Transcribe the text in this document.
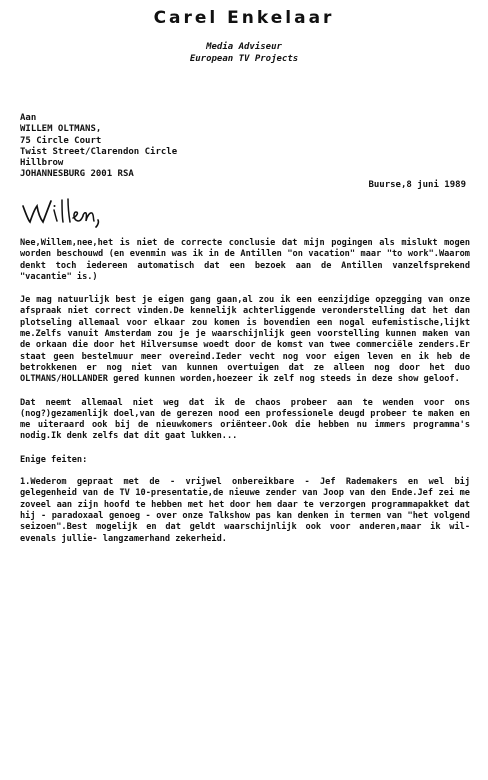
Carel Enkelaar
Media Adviseur
European TV Projects
Aan
WILLEM OLTMANS,
75 Circle Court
Twist Street/Clarendon Circle
Hillbrow
JOHANNESBURG 2001 RSA
Buurse,8 juni 1989

Nee,Willem,nee,het is niet de correcte conclusie dat mijn pogingen als mislukt mogen worden beschouwd (en evenmin was ik in de Antillen "on vacation" maar "to work".Waarom denkt toch iedereen automatisch dat een bezoek aan de Antillen vanzelfsprekend "vacantie" is.)

Je mag natuurlijk best je eigen gang gaan,al zou ik een eenzijdige opzegging van onze afspraak niet correct vinden.De kennelijk achterliggende veronderstelling dat het dan plotseling allemaal voor elkaar zou komen is bovendien een nogal eufemistische,lijkt me.Zelfs vanuit Amsterdam zou je je waarschijnlijk geen voorstelling kunnen maken van de orkaan die door het Hilversumse woedt door de komst van twee commerciële zenders.Er staat geen bestelmuur meer overeind.Ieder vecht nog voor eigen leven en ik heb de betrokkenen er nog niet van kunnen overtuigen dat ze alleen nog door het duo OLTMANS/HOLLANDER gered kunnen worden,hoezeer ik zelf nog steeds in deze show geloof.

Dat neemt allemaal niet weg dat ik de chaos probeer aan te wenden voor ons (nog?)gezamenlijk doel,van de gerezen nood een professionele deugd probeer te maken en me uiteraard ook bij de nieuwkomers oriënteer.Ook die hebben nu immers programma's nodig.Ik denk zelfs dat dit gaat lukken...

Enige feiten:

1.Wederom gepraat met de - vrijwel onbereikbare - Jef Rademakers en wel bij gelegenheid van de TV 10-presentatie,de nieuwe zender van Joop van den Ende.Jef zei me zoveel aan zijn hoofd te hebben met het door hem daar te verzorgen programmapakket dat hij - paradoxaal genoeg - over onze Talkshow pas kan denken in termen van "het volgend seizoen".Best mogelijk en dat geldt waarschijnlijk ook voor anderen,maar ik wil-evenals jullie- langzamerhand zekerheid.
